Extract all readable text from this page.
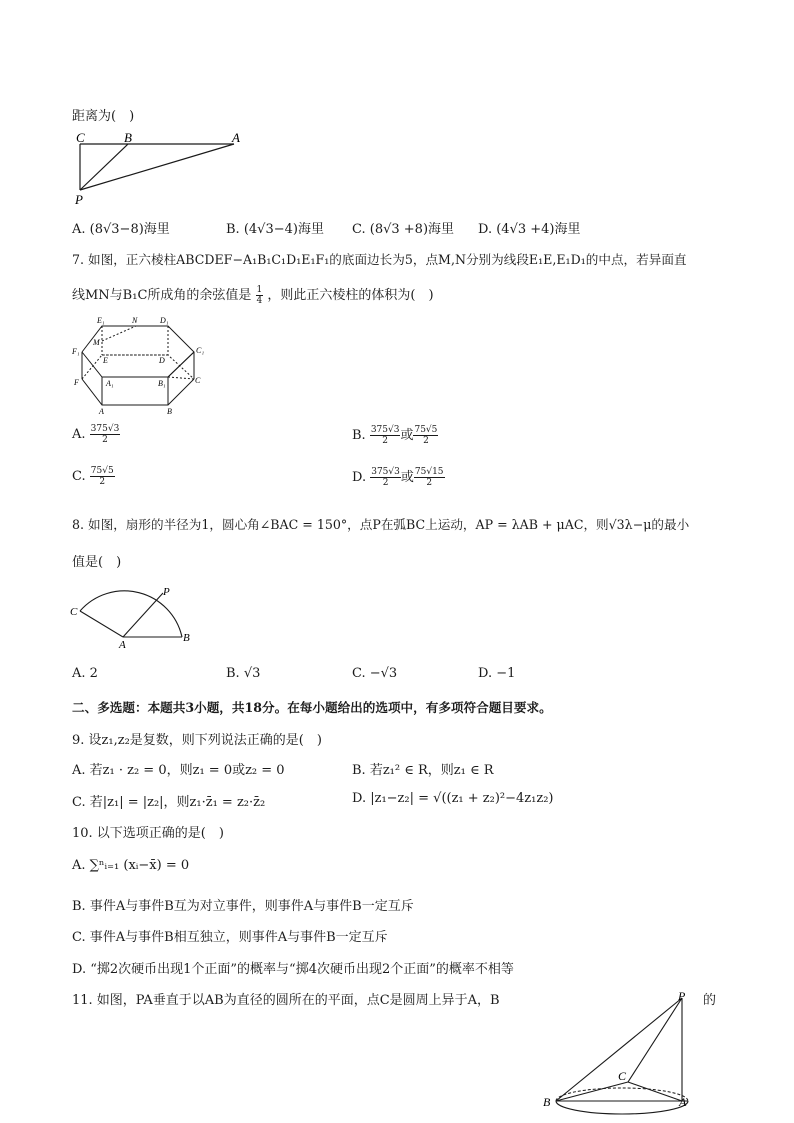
距离为(　)
C	B	A
P
A. (8√3−8)海里	B. (4√3−4)海里 C. (8√3 +8)海里 D. (4√3 +4)海里
7. 如图，正六棱柱ABCDEF−A₁B₁C₁D₁E₁F₁的底面边长为5，点M,N分别为线段E₁E,E₁D₁的中点，若异面直
线MN与B₁C所成角的余弦值是 $\frac{1}{4}$ ，则此正六棱柱的体积为(　)
E₁	N	D₁
F₁
M
C₁
E	D
F	A₁	B₁	C
A	B
A. $\frac{375√3}{2}$	B. $\frac{375√3}{2}$ 或 $\frac{75√5}{2}$
C. $\frac{75√5}{2}$	D. $\frac{375√3}{2}$ 或 $\frac{75√15}{2}$
8. 如图，扇形的半径为1，圆心角∠BAC = 150°，点P在弧BC上运动，AP = λAB + μAC，则√3λ−μ的最小
值是(　)
C
P
A
B
A. 2	B. √3	C. −√3	D. −1
二、多选题：本题共3小题，共18分。在每小题给出的选项中，有多项符合题目要求。
9. 设z₁,z₂是复数，则下列说法正确的是(　)
A. 若z₁ · z₂ = 0，则z₁ = 0或z₂ = 0	B. 若z₁² ∈ R，则z₁ ∈ R
C. 若|z₁| = |z₂|，则z₁·z̄₁ = z₂·z̄₂	D. |z₁−z₂| = √((z₁ + z₂)²−4z₁z₂)
10. 以下选项正确的是(　)
A. ∑ⁿᵢ₌₁ (xᵢ−x̄) = 0
B. 事件A与事件B互为对立事件，则事件A与事件B一定互斥
C. 事件A与事件B相互独立，则事件A与事件B一定互斥
D. “掷2次硬币出现1个正面”的概率与“掷4次硬币出现2个正面”的概率不相等
11. 如图，PA垂直于以AB为直径的圆所在的平面，点C是圆周上异于A，B	的
P
C
B	A
